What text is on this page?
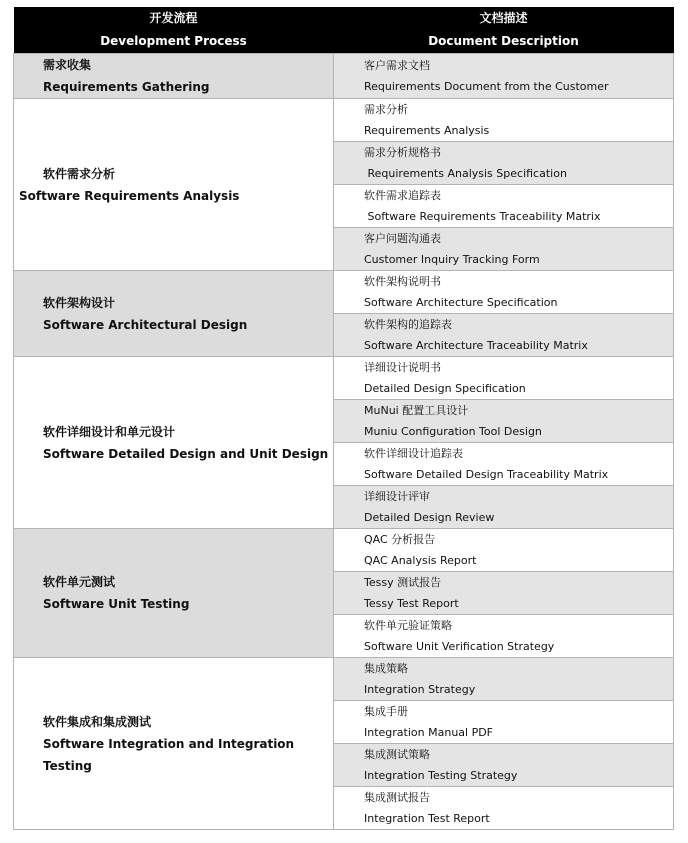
开发流程
Development Process	文档描述
Document Description

需求收集
Requirements Gathering	客户需求文档
Requirements Document from the Customer

软件需求分析
Software Requirements Analysis	需求分析
Requirements Analysis

	需求分析规格书
Requirements Analysis Specification

	软件需求追踪表
Software Requirements Traceability Matrix

	客户问题沟通表
Customer Inquiry Tracking Form

软件架构设计
Software Architectural Design	软件架构说明书
Software Architecture Specification

	软件架构的追踪表
Software Architecture Traceability Matrix

软件详细设计和单元设计
Software Detailed Design and Unit Design	详细设计说明书
Detailed Design Specification

	MuNui 配置工具设计
Muniu Configuration Tool Design

	软件详细设计追踪表
Software Detailed Design Traceability Matrix

	详细设计评审
Detailed Design Review

软件单元测试
Software Unit Testing	QAC 分析报告
QAC Analysis Report

	Tessy 测试报告
Tessy Test Report

	软件单元验证策略
Software Unit Verification Strategy

软件集成和集成测试
Software Integration and Integration Testing	集成策略
Integration Strategy

	集成手册
Integration Manual PDF

	集成测试策略
Integration Testing Strategy

	集成测试报告
Integration Test Report
